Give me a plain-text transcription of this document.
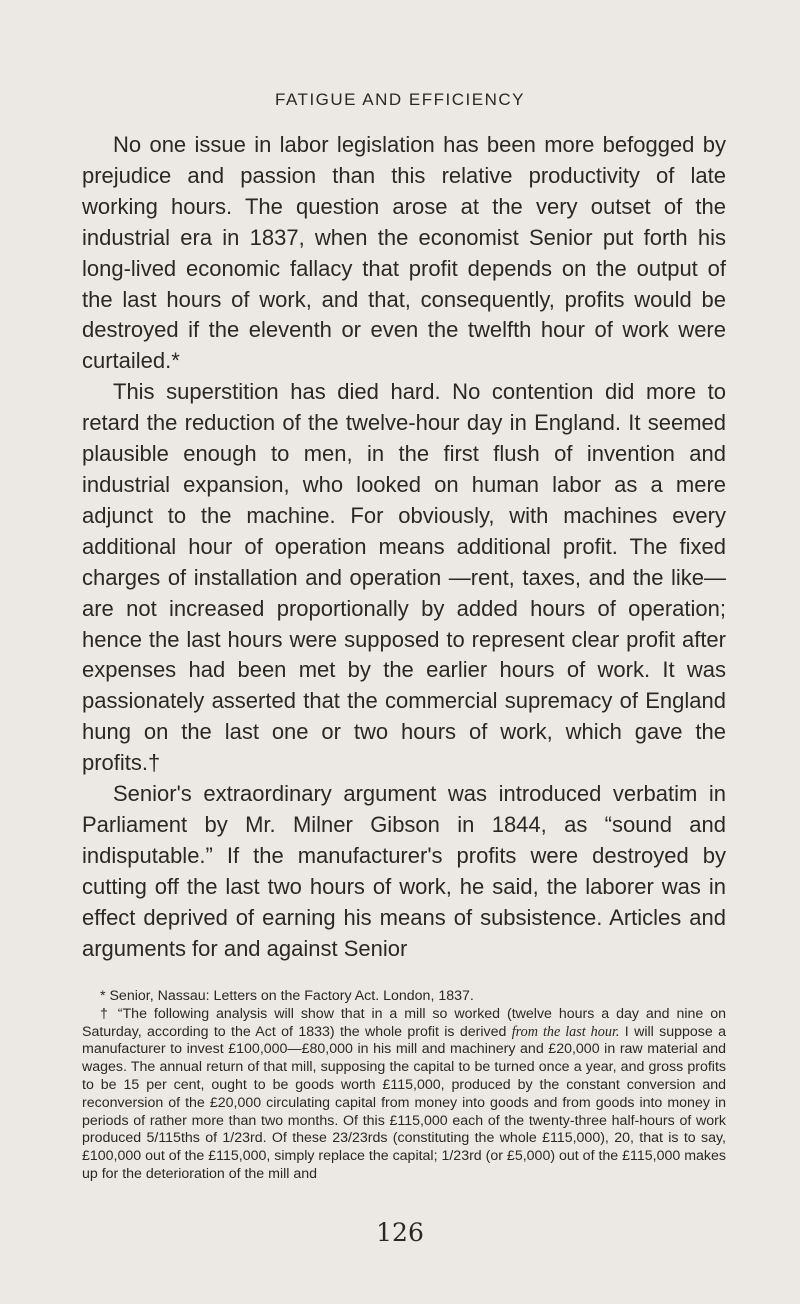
FATIGUE AND EFFICIENCY

No one issue in labor legislation has been more befogged by prejudice and passion than this relative productivity of late working hours. The question arose at the very outset of the industrial era in 1837, when the economist Senior put forth his long-lived economic fallacy that profit depends on the output of the last hours of work, and that, consequently, profits would be destroyed if the eleventh or even the twelfth hour of work were curtailed.*

This superstition has died hard. No contention did more to retard the reduction of the twelve-hour day in England. It seemed plausible enough to men, in the first flush of invention and industrial expansion, who looked on human labor as a mere adjunct to the machine. For obviously, with machines every additional hour of operation means additional profit. The fixed charges of installation and operation —rent, taxes, and the like—are not increased proportionally by added hours of operation; hence the last hours were supposed to represent clear profit after expenses had been met by the earlier hours of work. It was passionately asserted that the commercial supremacy of England hung on the last one or two hours of work, which gave the profits.†

Senior's extraordinary argument was introduced verbatim in Parliament by Mr. Milner Gibson in 1844, as “sound and indisputable.” If the manufacturer's profits were destroyed by cutting off the last two hours of work, he said, the laborer was in effect deprived of earning his means of subsistence. Articles and arguments for and against Senior

* Senior, Nassau: Letters on the Factory Act. London, 1837.

† “The following analysis will show that in a mill so worked (twelve hours a day and nine on Saturday, according to the Act of 1833) the whole profit is derived from the last hour. I will suppose a manufacturer to invest £100,000—£80,000 in his mill and machinery and £20,000 in raw material and wages. The annual return of that mill, supposing the capital to be turned once a year, and gross profits to be 15 per cent, ought to be goods worth £115,000, produced by the constant conversion and reconversion of the £20,000 circulating capital from money into goods and from goods into money in periods of rather more than two months. Of this £115,000 each of the twenty-three half-hours of work produced 5/115ths of 1/23rd. Of these 23/23rds (constituting the whole £115,000), 20, that is to say, £100,000 out of the £115,000, simply replace the capital; 1/23rd (or £5,000) out of the £115,000 makes up for the deterioration of the mill and

126
